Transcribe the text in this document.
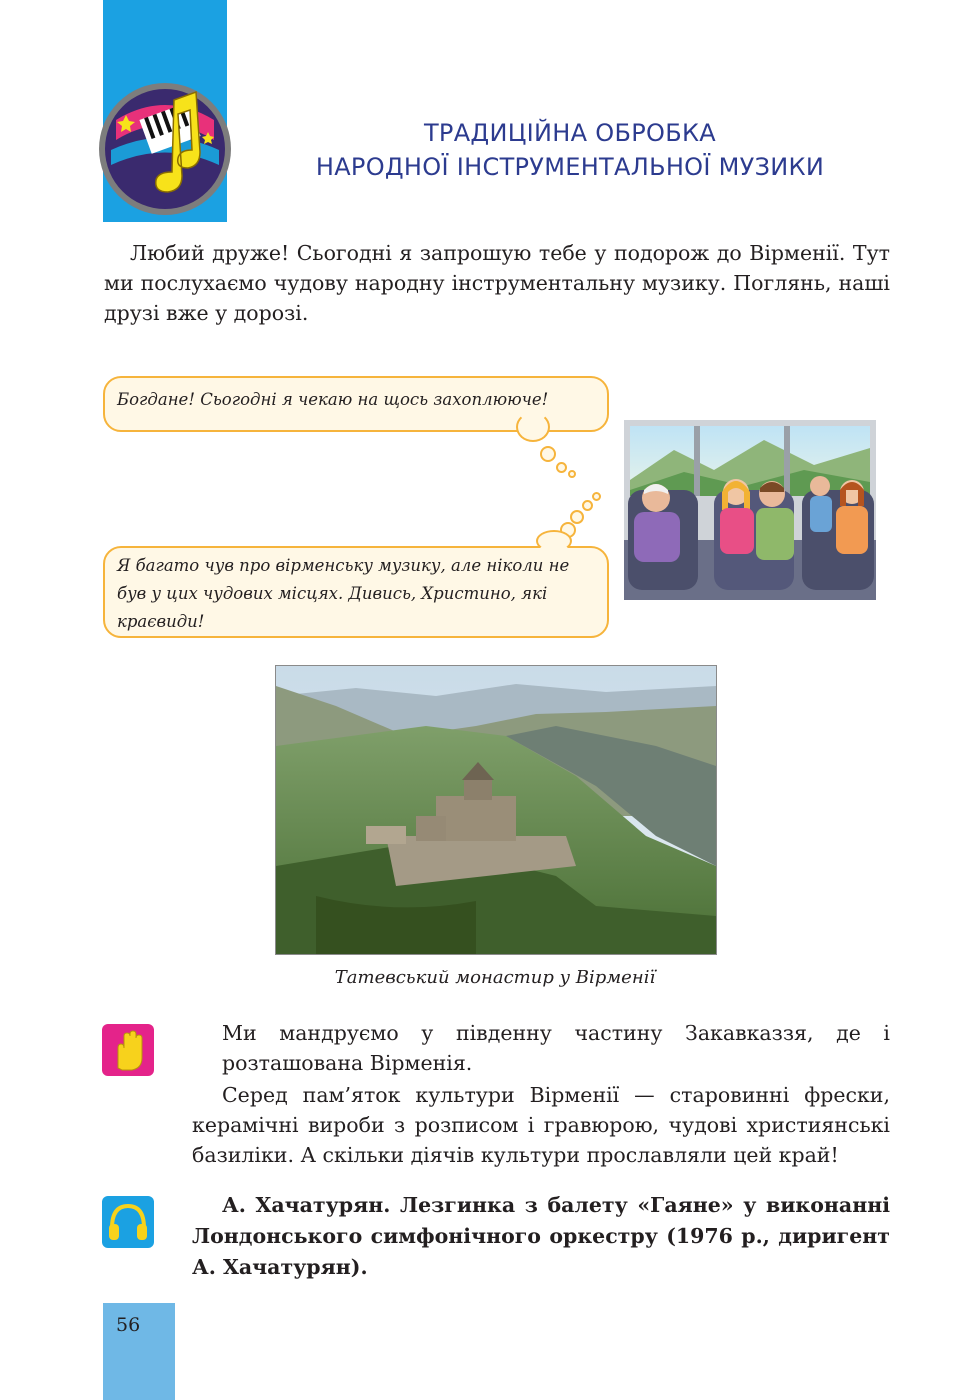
ТРАДИЦІЙНА ОБРОБКА
НАРОДНОЇ ІНСТРУМЕНТАЛЬНОЇ МУЗИКИ

Любий друже! Сьогодні я запрошую тебе у подорож до Вірменії. Тут ми послухаємо чудову народну інструментальну музику. Поглянь, наші друзі вже у дорозі.

Богдане! Сьогодні я чекаю на щось захоплююче!

Я багато чув про вірменську музику, але ніколи не був у цих чудових місцях. Дивись, Христино, які краєвиди!

Татевський монастир у Вірменії

Ми мандруємо у південну частину Закавказзя, де і розташована Вірменія.

Серед пам’яток культури Вірменії — старовинні фрески, керамічні вироби з розписом і гравюрою, чудові християнські базиліки. А скільки діячів культури прославляли цей край!

А. Хачатурян. Лезгинка з балету «Гаяне» у виконанні Лондонського симфонічного оркестру (1976 р., диригент А. Хачатурян).

56
